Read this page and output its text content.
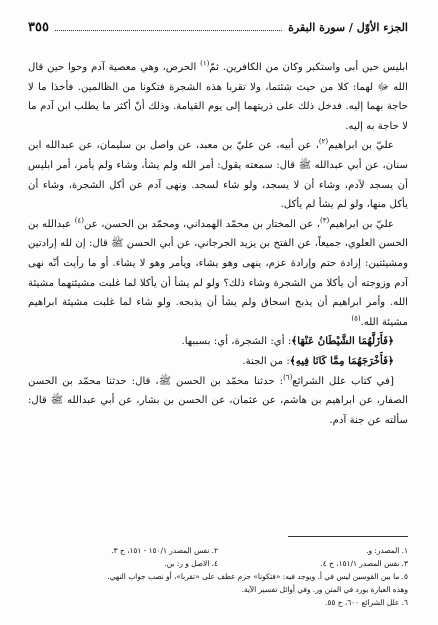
الجزء الأوّل / سورة البقرة
٣٥٥

ابليس حين أبى واستكبر وكان من الكافرين. ثمّ$^{(١)}$ الحرص، وهي معصية آدم وحوا حين قال الله ﷻ لهما: كلا من حيث شئتما، ولا تقربا هذه الشجرة فتكونا من الظالمين. فأخذا ما لا حاجة بهما إليه. فدخل ذلك على ذريتهما إلى يوم القيامة. وذلك أنّ أكثر ما يطلب ابن آدم ما لا حاجة به إليه.

عليّ بن ابراهيم$^{(٢)}$، عن أبيه، عن عليّ بن معبد، عن واصل بن سليمان، عن عبدالله ابن سنان، عن أبي عبدالله ﷺ قال: سمعته يقول: أمر الله ولم يشأ، وشاء ولم يأمر، أمر ابليس أن يسجد لآدم، وشاء أن لا يسجد، ولو شاء لسجد. ونهى آدم عن أكل الشجرة، وشاء أن يأكل منها، ولو لم يشأ لم يأكل.

عليّ بن ابراهيم$^{(٣)}$، عن المختار بن محمّد الهمداني، ومحمّد بن الحسن، عن$^{(٤)}$ عبدالله بن الحسن العلوي، جميعاً، عن الفتح بن يزيد الجرجاني، عن أبي الحسن ﷺ قال: إن لله إرادتين ومشيئتين: إرادة حتم وإرادة عزم، ينهى وهو يشاء، ويأمر وهو لا يشاء. أو ما رأيت أنّه نهى آدم وزوجته أن يأكلا من الشجرة وشاء ذلك؟ ولو لم يشأ أن يأكلا لما غلبت مشيئتهما مشيئة الله. وأمر ابراهيم أن يذبح اسحاق ولم يشأ أن يذبحه. ولو شاء لما غلبت مشيئة ابراهيم مشيئة الله.$^{(٥)}$

﴿فَأَزَلَّهُمَا الشَّيْطَانُ عَنْهَا﴾: أي: الشجرة، أي: بسببها.

﴿فَأَخْرَجَهُمَا مِمَّا كَانَا فِيهِ﴾: من الجنة.

[في كتاب علل الشرائع$^{(٦)}$: حدثنا محمّد بن الحسن ﷺ، قال: حدثنا محمّد بن الحسن الصفار، عن ابراهيم بن هاشم، عن عثمان، عن الحسن بن بشار، عن أبي عبدالله ﷺ قال: سألته عن جنة آدم.

١. المصدر: و.
٢. نفس المصدر ١٥٠/١ - ١٥١، ح ٣.
٣. نفس المصدر ١٥١/١، ح ٤.
٤. الاصل و ر: بن.
٥. ما بين القوسين ليس في أ. ويوجد فيه: «فتكونا» جزم عطف على «تقربا»، أو نصب جواب النهي.
وهذه العبارة يورد في المتن ور. وفي أوائل تفسير الآية.
٦. علل الشرائع ٦٠٠، ح ٥٥.
